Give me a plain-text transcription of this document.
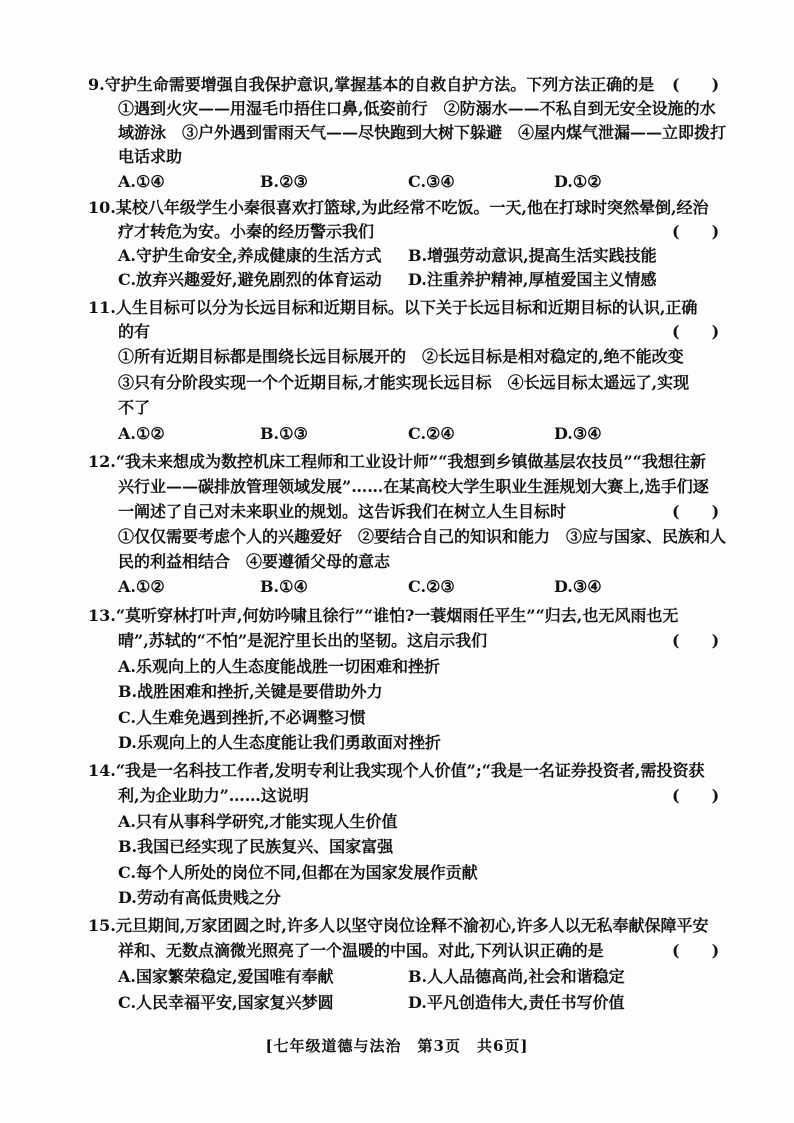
9.守护生命需要增强自我保护意识,掌握基本的自救自护方法。下列方法正确的是 (　　)
①遇到火灾——用湿毛巾捂住口鼻,低姿前行　②防溺水——不私自到无安全设施的水
域游泳　③户外遇到雷雨天气——尽快跑到大树下躲避　④屋内煤气泄漏——立即拨打
电话求助
A.①④	B.②③	C.③④	D.①②
10.某校八年级学生小秦很喜欢打篮球,为此经常不吃饭。一天,他在打球时突然晕倒,经治
疗才转危为安。小秦的经历警示我们	(　　)
A.守护生命安全,养成健康的生活方式 B.增强劳动意识,提高生活实践技能
C.放弃兴趣爱好,避免剧烈的体育运动 D.注重养护精神,厚植爱国主义情感
11.人生目标可以分为长远目标和近期目标。以下关于长远目标和近期目标的认识,正确
的有	(　　)
①所有近期目标都是围绕长远目标展开的　②长远目标是相对稳定的,绝不能改变
③只有分阶段实现一个个近期目标,才能实现长远目标　④长远目标太遥远了,实现
不了
A.①②	B.①③	C.②④	D.③④
12.“我未来想成为数控机床工程师和工业设计师”“我想到乡镇做基层农技员”“我想往新
兴行业——碳排放管理领域发展”……在某高校大学生职业生涯规划大赛上,选手们逐
一阐述了自己对未来职业的规划。这告诉我们在树立人生目标时	(　　)
①仅仅需要考虑个人的兴趣爱好　②要结合自己的知识和能力　③应与国家、民族和人
民的利益相结合　④要遵循父母的意志
A.①②	B.①④	C.②③	D.③④
13.“莫听穿林打叶声,何妨吟啸且徐行”“谁怕?一蓑烟雨任平生”“归去,也无风雨也无
晴”,苏轼的“不怕”是泥泞里长出的坚韧。这启示我们	(　　)
A.乐观向上的人生态度能战胜一切困难和挫折
B.战胜困难和挫折,关键是要借助外力
C.人生难免遇到挫折,不必调整习惯
D.乐观向上的人生态度能让我们勇敢面对挫折
14.“我是一名科技工作者,发明专利让我实现个人价值”;“我是一名证券投资者,需投资获
利,为企业助力”……这说明	(　　)
A.只有从事科学研究,才能实现人生价值
B.我国已经实现了民族复兴、国家富强
C.每个人所处的岗位不同,但都在为国家发展作贡献
D.劳动有高低贵贱之分
15.元旦期间,万家团圆之时,许多人以坚守岗位诠释不渝初心,许多人以无私奉献保障平安
祥和、无数点滴微光照亮了一个温暖的中国。对此,下列认识正确的是	(　　)
A.国家繁荣稳定,爱国唯有奉献	B.人人品德高尚,社会和谐稳定
C.人民幸福平安,国家复兴梦圆	D.平凡创造伟大,责任书写价值
[七年级道德与法治　第3页　共6页]
